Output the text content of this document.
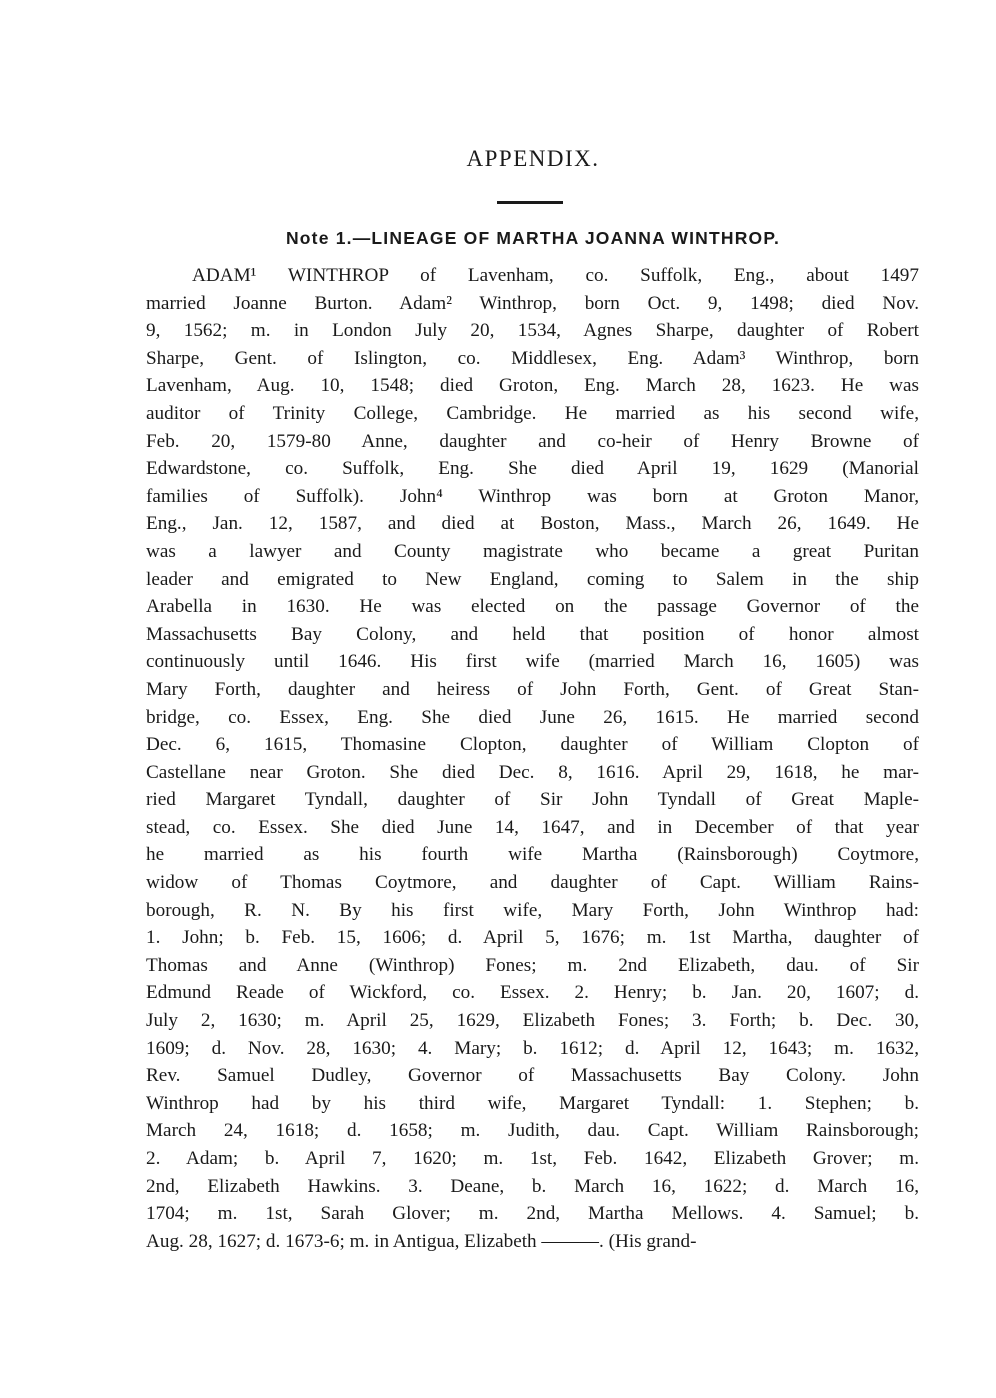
APPENDIX.
Note 1.—LINEAGE OF MARTHA JOANNA WINTHROP.
ADAM¹ WINTHROP of Lavenham, co. Suffolk, Eng., about 1497
married Joanne Burton. Adam² Winthrop, born Oct. 9, 1498; died Nov.
9, 1562; m. in London July 20, 1534, Agnes Sharpe, daughter of Robert
Sharpe, Gent. of Islington, co. Middlesex, Eng. Adam³ Winthrop, born
Lavenham, Aug. 10, 1548; died Groton, Eng. March 28, 1623. He was
auditor of Trinity College, Cambridge. He married as his second wife,
Feb. 20, 1579-80 Anne, daughter and co-heir of Henry Browne of
Edwardstone, co. Suffolk, Eng. She died April 19, 1629 (Manorial
families of Suffolk). John⁴ Winthrop was born at Groton Manor,
Eng., Jan. 12, 1587, and died at Boston, Mass., March 26, 1649. He
was a lawyer and County magistrate who became a great Puritan
leader and emigrated to New England, coming to Salem in the ship
Arabella in 1630. He was elected on the passage Governor of the
Massachusetts Bay Colony, and held that position of honor almost
continuously until 1646. His first wife (married March 16, 1605) was
Mary Forth, daughter and heiress of John Forth, Gent. of Great Stan-
bridge, co. Essex, Eng. She died June 26, 1615. He married second
Dec. 6, 1615, Thomasine Clopton, daughter of William Clopton of
Castellane near Groton. She died Dec. 8, 1616. April 29, 1618, he mar-
ried Margaret Tyndall, daughter of Sir John Tyndall of Great Maple-
stead, co. Essex. She died June 14, 1647, and in December of that year
he married as his fourth wife Martha (Rainsborough) Coytmore,
widow of Thomas Coytmore, and daughter of Capt. William Rains-
borough, R. N. By his first wife, Mary Forth, John Winthrop had:
1. John; b. Feb. 15, 1606; d. April 5, 1676; m. 1st Martha, daughter of
Thomas and Anne (Winthrop) Fones; m. 2nd Elizabeth, dau. of Sir
Edmund Reade of Wickford, co. Essex. 2. Henry; b. Jan. 20, 1607; d.
July 2, 1630; m. April 25, 1629, Elizabeth Fones; 3. Forth; b. Dec. 30,
1609; d. Nov. 28, 1630; 4. Mary; b. 1612; d. April 12, 1643; m. 1632,
Rev. Samuel Dudley, Governor of Massachusetts Bay Colony. John
Winthrop had by his third wife, Margaret Tyndall: 1. Stephen; b.
March 24, 1618; d. 1658; m. Judith, dau. Capt. William Rainsborough;
2. Adam; b. April 7, 1620; m. 1st, Feb. 1642, Elizabeth Grover; m.
2nd, Elizabeth Hawkins. 3. Deane, b. March 16, 1622; d. March 16,
1704; m. 1st, Sarah Glover; m. 2nd, Martha Mellows. 4. Samuel; b.
Aug. 28, 1627; d. 1673-6; m. in Antigua, Elizabeth ———. (His grand-
